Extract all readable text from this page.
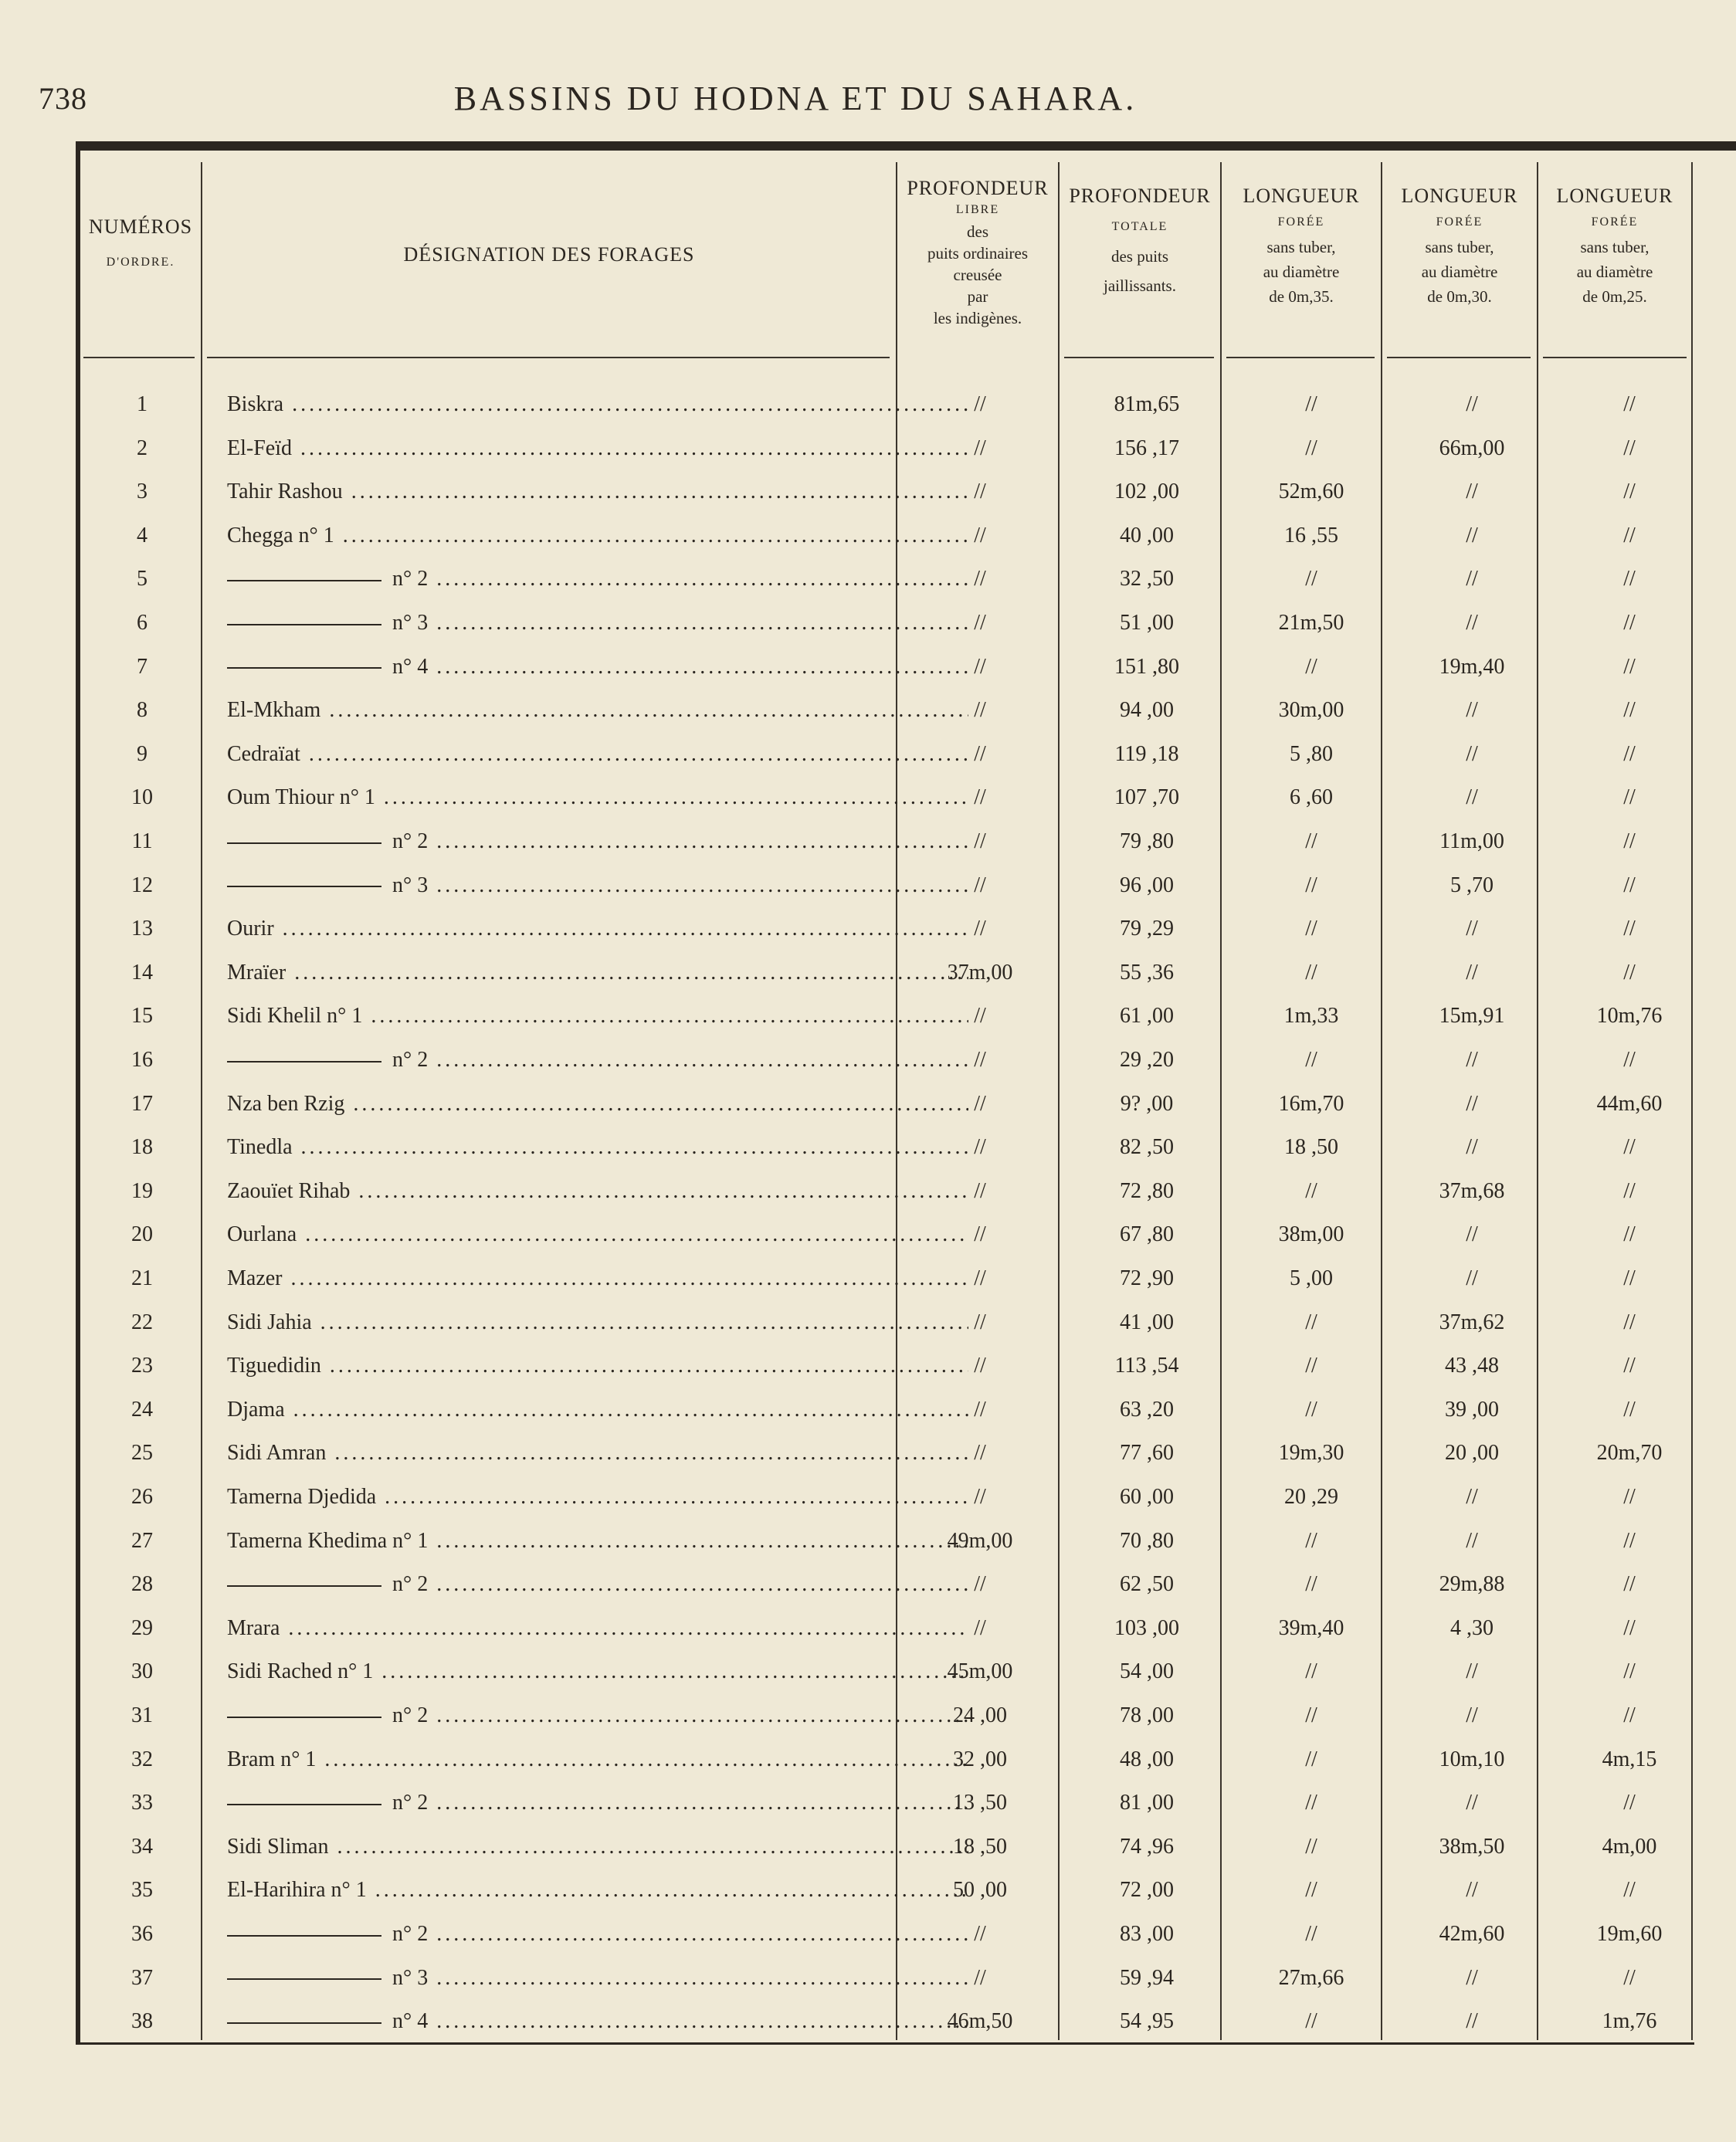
738	BASSINS DU HODNA ET DU SAHARA.
NUMÉROS
D'ORDRE.	DÉSIGNATION DES FORAGES
PROFONDEUR
LIBRE
des
puits ordinaires
creusée
par
les indigènes.
PROFONDEUR
TOTALE
des puits
jaillissants.
LONGUEUR
FORÉE
sans tuber,
au diamètre
de 0m,35.
LONGUEUR
FORÉE
sans tuber,
au diamètre
de 0m,30.
LONGUEUR
FORÉE
sans tuber,
au diamètre
de 0m,25.
1	Biskra .....	//	81m,65	//	//	//
2	El-Feïd .....	//	156 ,17	//	66m,00	//
3	Tahir Rashou .....	//	102 ,00	52m,60	//	//
4	Chegga n° 1 .....	//	40 ,00	16 ,55	//	//
5	n° 2 .....	//	32 ,50	//	//	//
6	n° 3 .....	//	51 ,00	21m,50	//	//
7	n° 4 .....	//	151 ,80	//	19m,40	//
8	El-Mkham .....	//	94 ,00	30m,00	//	//
9	Cedraïat .....	//	119 ,18	5 ,80	//	//
10	Oum Thiour n° 1 .....	//	107 ,70	6 ,60	//	//
11	n° 2 .....	//	79 ,80	//	11m,00	//
12	n° 3 .....	//	96 ,00	//	5 ,70	//
13	Ourir .....	//	79 ,29	//	//	//
14	Mraïer .....	37m,00	55 ,36	//	//	//
15	Sidi Khelil n° 1 .....	//	61 ,00	1m,33	15m,91	10m,76
16	n° 2 .....	//	29 ,20	//	//	//
17	Nza ben Rzig .....	//	9? ,00	16m,70	//	44m,60
18	Tinedla .....	//	82 ,50	18 ,50	//	//
19	Zaouïet Rihab .....	//	72 ,80	//	37m,68	//
20	Ourlana .....	//	67 ,80	38m,00	//	//
21	Mazer .....	//	72 ,90	5 ,00	//	//
22	Sidi Jahia .....	//	41 ,00	//	37m,62	//
23	Tiguedidin .....	//	113 ,54	//	43 ,48	//
24	Djama .....	//	63 ,20	//	39 ,00	//
25	Sidi Amran .....	//	77 ,60	19m,30	20 ,00	20m,70
26	Tamerna Djedida .....	//	60 ,00	20 ,29	//	//
27	Tamerna Khedima n° 1 .....	49m,00	70 ,80	//	//	//
28	n° 2 .....	//	62 ,50	//	29m,88	//
29	Mrara .....	//	103 ,00	39m,40	4 ,30	//
30	Sidi Rached n° 1 .....	45m,00	54 ,00	//	//	//
31	n° 2 .....	24 ,00	78 ,00	//	//	//
32	Bram n° 1 .....	32 ,00	48 ,00	//	10m,10	4m,15
33	n° 2 .....	13 ,50	81 ,00	//	//	//
34	Sidi Sliman .....	18 ,50	74 ,96	//	38m,50	4m,00
35	El-Harihira n° 1 .....	50 ,00	72 ,00	//	//	//
36	n° 2 .....	//	83 ,00	//	42m,60	19m,60
37	n° 3 .....	//	59 ,94	27m,66	//	//
38	n° 4 .....	46m,50	54 ,95	//	//	1m,76
